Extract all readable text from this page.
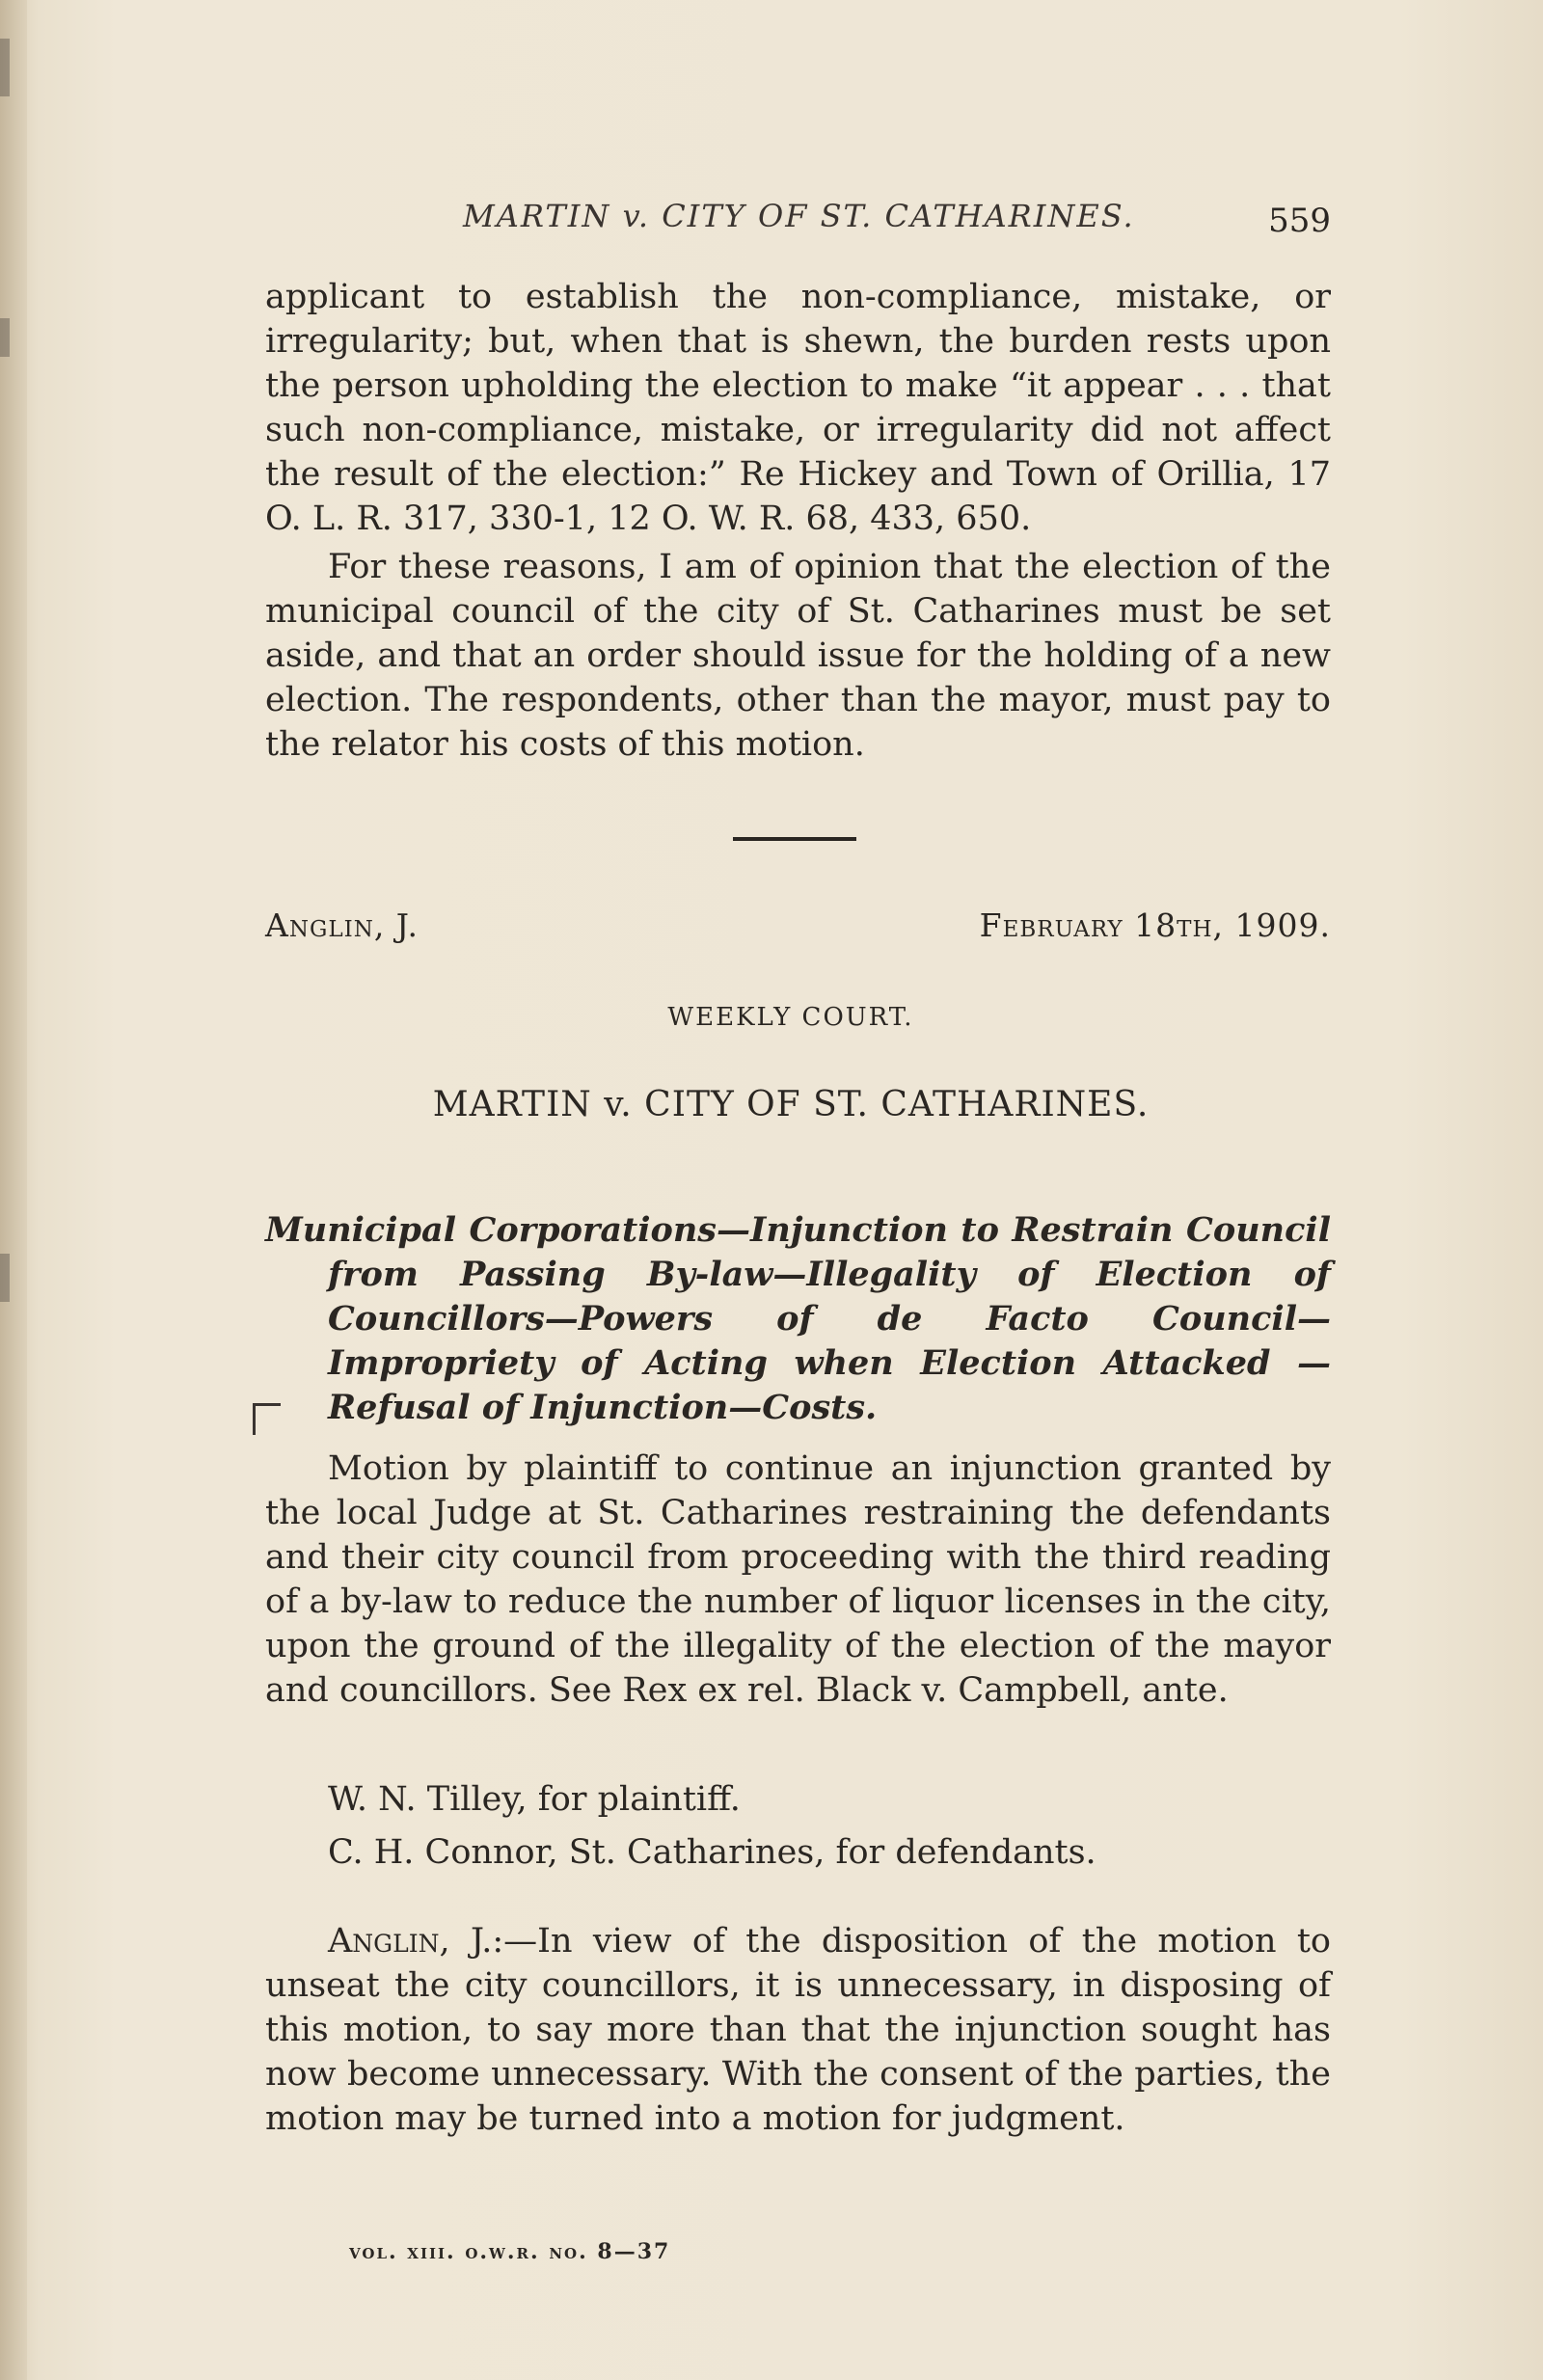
MARTIN v. CITY OF ST. CATHARINES.	559

applicant to establish the non-compliance, mistake, or irregularity; but, when that is shewn, the burden rests upon the person upholding the election to make “it appear . . . that such non-compliance, mistake, or irregularity did not affect the result of the election:” Re Hickey and Town of Orillia, 17 O. L. R. 317, 330-1, 12 O. W. R. 68, 433, 650.

For these reasons, I am of opinion that the election of the municipal council of the city of St. Catharines must be set aside, and that an order should issue for the holding of a new election. The respondents, other than the mayor, must pay to the relator his costs of this motion.

Anglin, J.	February 18th, 1909.
WEEKLY COURT.
MARTIN v. CITY OF ST. CATHARINES.

Municipal Corporations—Injunction to Restrain Council from Passing By-law—Illegality of Election of Councillors—Powers of de Facto Council—Impropriety of Acting when Election Attacked — Refusal of Injunction—Costs.

Motion by plaintiff to continue an injunction granted by the local Judge at St. Catharines restraining the defendants and their city council from proceeding with the third reading of a by-law to reduce the number of liquor licenses in the city, upon the ground of the illegality of the election of the mayor and councillors. See Rex ex rel. Black v. Campbell, ante.

W. N. Tilley, for plaintiff.
C. H. Connor, St. Catharines, for defendants.

Anglin, J.:—In view of the disposition of the motion to unseat the city councillors, it is unnecessary, in disposing of this motion, to say more than that the injunction sought has now become unnecessary. With the consent of the parties, the motion may be turned into a motion for judgment.

vol. xiii. o.w.r. no. 8—37
